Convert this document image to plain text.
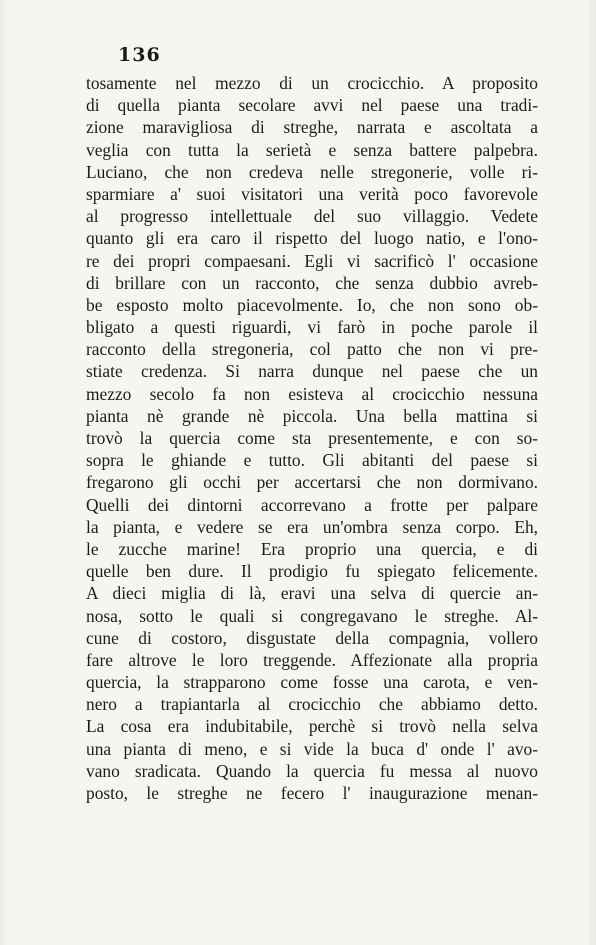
136
tosamente nel mezzo di un crocicchio. A proposito
di quella pianta secolare avvi nel paese una tradi-
zione maravigliosa di streghe, narrata e ascoltata a
veglia con tutta la serietà e senza battere palpebra.
Luciano, che non credeva nelle stregonerie, volle ri-
sparmiare a' suoi visitatori una verità poco favorevole
al progresso intellettuale del suo villaggio. Vedete
quanto gli era caro il rispetto del luogo natio, e l'ono-
re dei propri compaesani. Egli vi sacrificò l' occasione
di brillare con un racconto, che senza dubbio avreb-
be esposto molto piacevolmente. Io, che non sono ob-
bligato a questi riguardi, vi farò in poche parole il
racconto della stregoneria, col patto che non vi pre-
stiate credenza. Si narra dunque nel paese che un
mezzo secolo fa non esisteva al crocicchio nessuna
pianta nè grande nè piccola. Una bella mattina si
trovò la quercia come sta presentemente, e con so-
sopra le ghiande e tutto. Gli abitanti del paese si
fregarono gli occhi per accertarsi che non dormivano.
Quelli dei dintorni accorrevano a frotte per palpare
la pianta, e vedere se era un'ombra senza corpo. Eh,
le zucche marine! Era proprio una quercia, e di
quelle ben dure. Il prodigio fu spiegato felicemente.
A dieci miglia di là, eravi una selva di quercie an-
nosa, sotto le quali si congregavano le streghe. Al-
cune di costoro, disgustate della compagnia, vollero
fare altrove le loro treggende. Affezionate alla propria
quercia, la strapparono come fosse una carota, e ven-
nero a trapiantarla al crocicchio che abbiamo detto.
La cosa era indubitabile, perchè si trovò nella selva
una pianta di meno, e si vide la buca d' onde l' avo-
vano sradicata. Quando la quercia fu messa al nuovo
posto, le streghe ne fecero l' inaugurazione menan-
